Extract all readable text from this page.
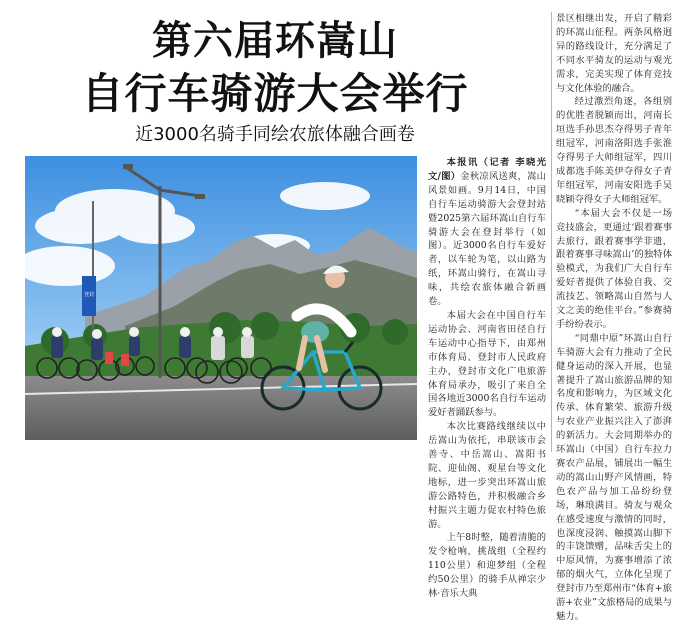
第六届环嵩山
自行车骑游大会举行
近3000名骑手同绘农旅体融合画卷
登封

本报讯（记者 李晓光 文/图）金秋凉风送爽，嵩山风景如画。9月14日，中国自行车运动骑游大会登封站暨2025第六届环嵩山自行车骑游大会在登封举行（如图）。近3000名自行车爱好者，以车轮为笔，以山路为纸，环嵩山骑行，在嵩山寻味，共绘农旅体融合新画卷。

本届大会在中国自行车运动协会、河南省田径自行车运动中心指导下，由郑州市体育局、登封市人民政府主办，登封市文化广电旅游体育局承办，吸引了来自全国各地近3000名自行车运动爱好者踊跃参与。

本次比赛路线继续以中岳嵩山为依托，串联该市会善寺、中岳嵩山、嵩阳书院、迎仙阁、观星台等文化地标，进一步突出环嵩山旅游公路特色，并积极融合乡村振兴主题力促农村特色旅游。

上午8时整，随着清脆的发令枪响，挑战组（全程约110公里）和迎梦组（全程约50公里）的骑手从禅宗少林·音乐大典

景区相继出发，开启了精彩的环嵩山征程。两条风格迥异的路线设计，充分满足了不同水平骑友的运动与观光需求，完美实现了体育竞技与文化体验的融合。

经过激烈角逐，各组别的优胜者脱颖而出，河南长垣选手孙思杰夺得男子青年组冠军，河南洛阳选手张淮夺得男子大师组冠军，四川成都选手陈美伊夺得女子青年组冠军，河南安阳选手吴晓颖夺得女子大师组冠军。

“本届大会不仅是一场竞技盛会，更通过‘跟着赛事去旅行，跟着赛事学非遗，跟着赛事寻味嵩山’的独特体验模式，为我们广大自行车爱好者提供了体验自我、交流技艺、领略嵩山自然与人文之美的绝佳平台。”参赛骑手纷纷表示。

“同鼎中原”环嵩山自行车骑游大会有力推动了全民健身运动的深入开展，也显著提升了嵩山旅游品牌的知名度和影响力，为区域文化传承、体育繁荣、旅游升级与农业产业振兴注入了澎湃的新活力。大会同期举办的环嵩山（中国）自行车拉力赛农产品展，铺展出一幅生动的嵩山山野产风情画，特色农产品与加工品纷纷登场，琳琅满目。骑友与观众在感受速度与激情的同时，也深度浸润、触摸嵩山脚下的丰饶馈赠，品味舌尖上的中原风情，为赛事增添了浓郁的烟火气，立体化呈现了登封市乃至郑州市“体育+旅游+农业”文旅格局的成果与魅力。
